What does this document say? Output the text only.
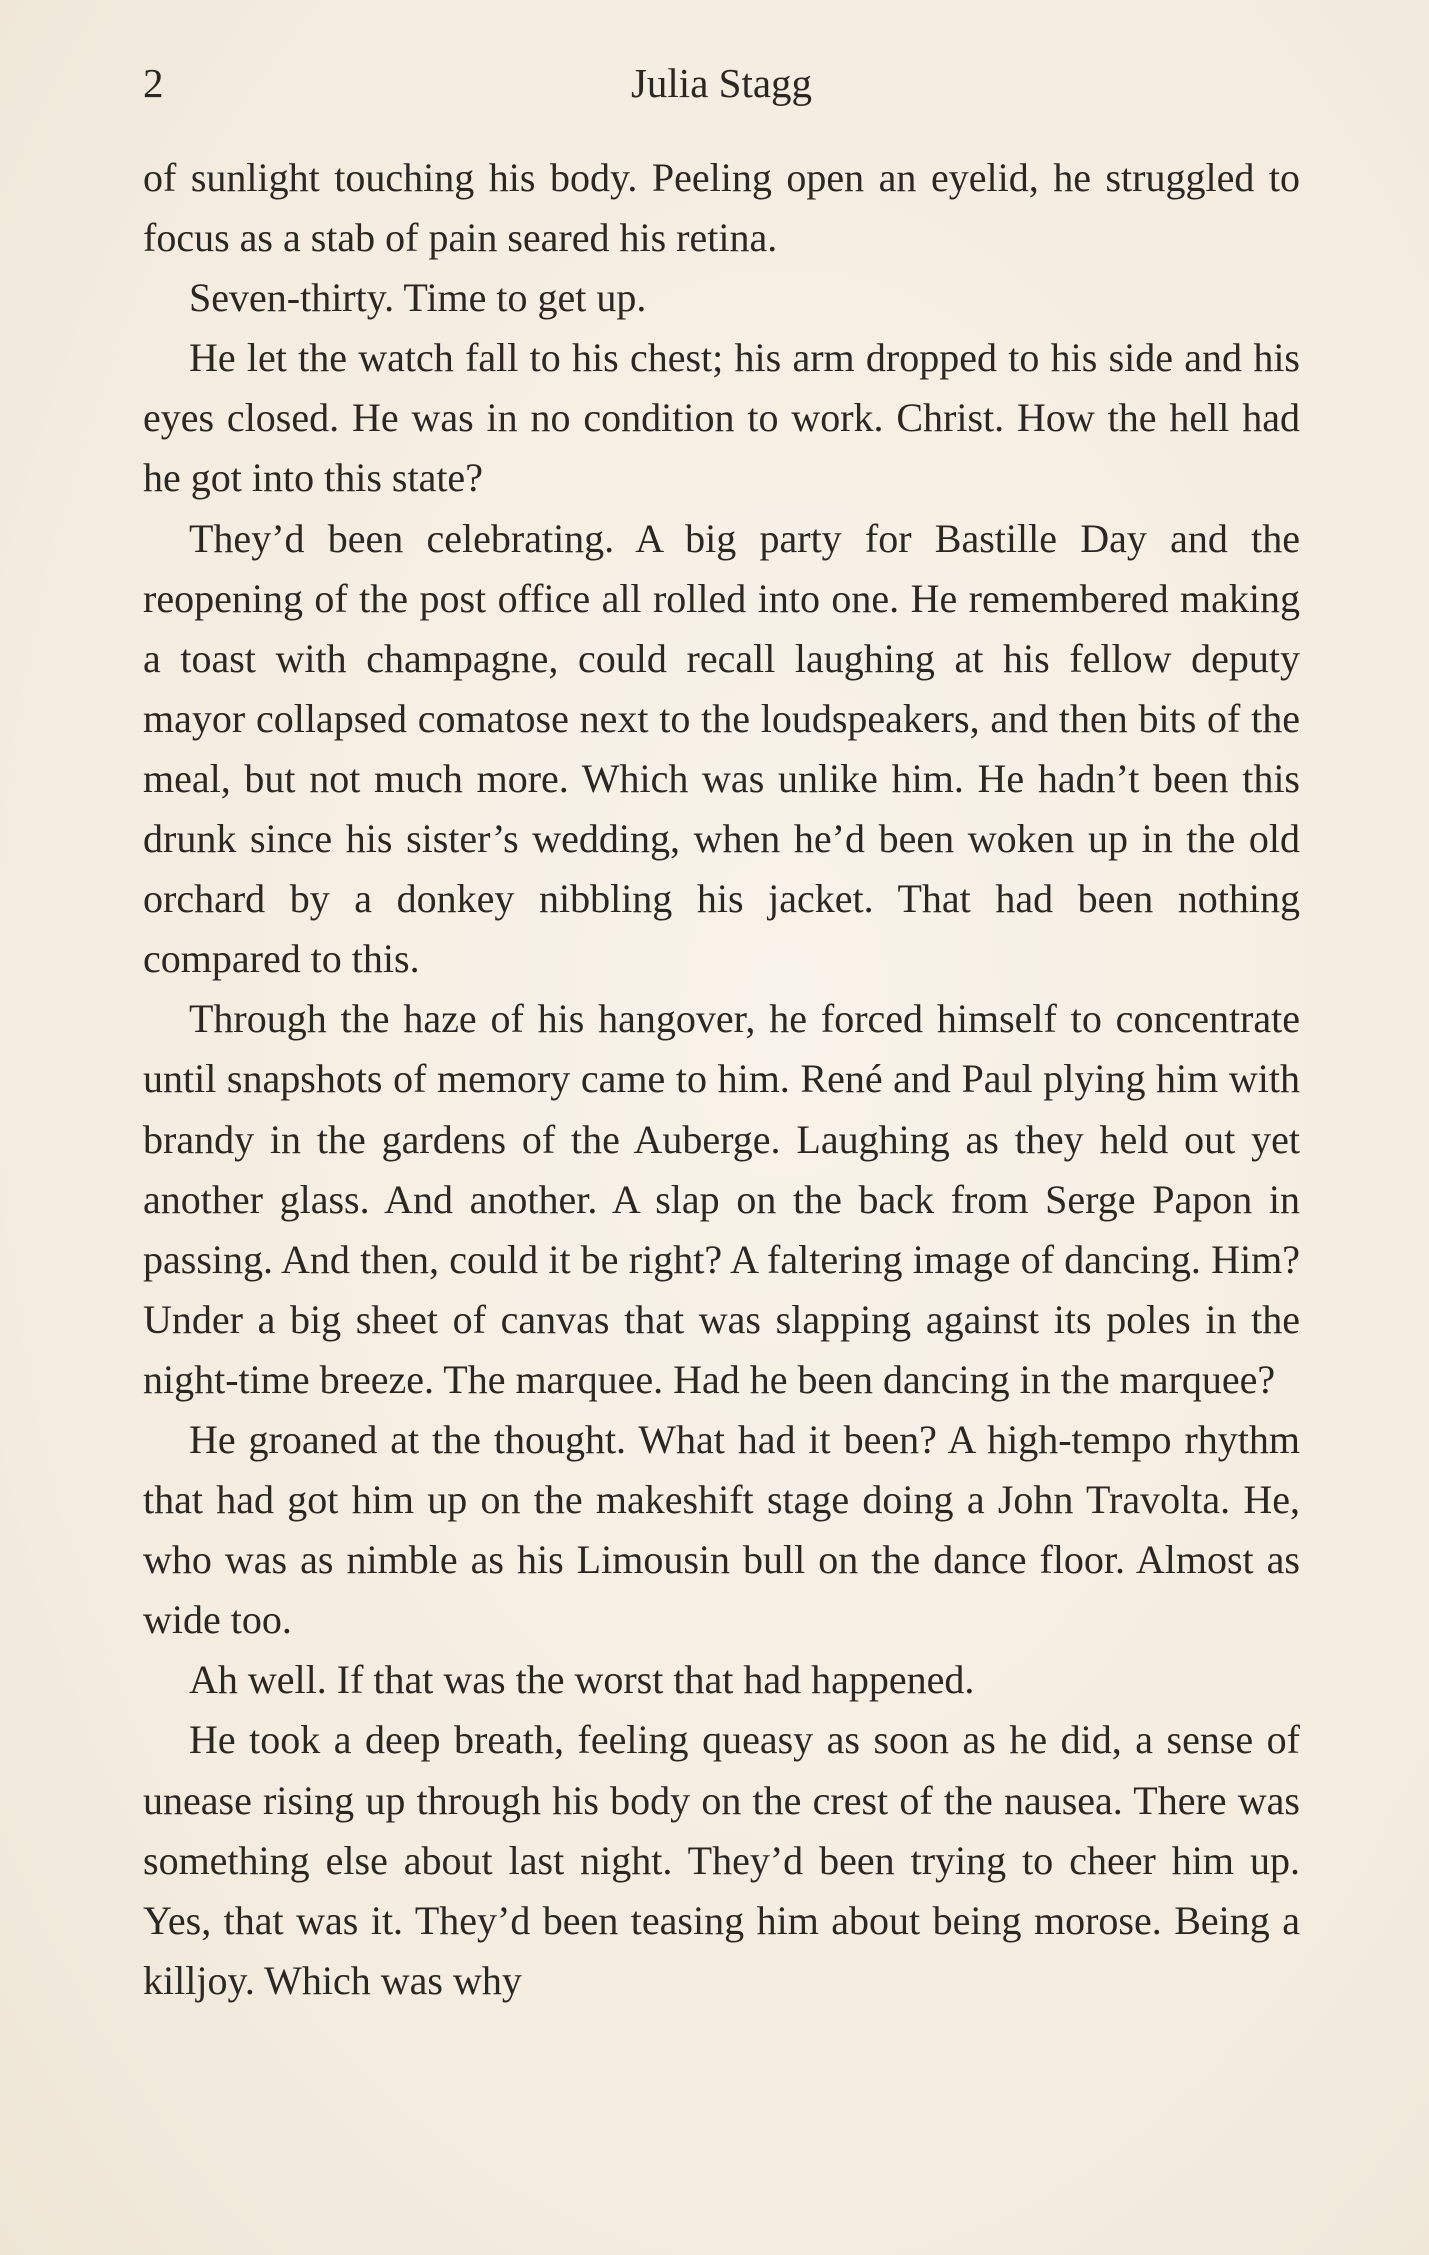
2	Julia Stagg

of sunlight touching his body. Peeling open an eyelid, he struggled to focus as a stab of pain seared his retina.

Seven-thirty. Time to get up.

He let the watch fall to his chest; his arm dropped to his side and his eyes closed. He was in no condition to work. Christ. How the hell had he got into this state?

They’d been celebrating. A big party for Bastille Day and the reopening of the post office all rolled into one. He remembered making a toast with champagne, could recall laughing at his fellow deputy mayor collapsed comatose next to the loudspeakers, and then bits of the meal, but not much more. Which was unlike him. He hadn’t been this drunk since his sister’s wedding, when he’d been woken up in the old orchard by a donkey nibbling his jacket. That had been nothing compared to this.

Through the haze of his hangover, he forced himself to concentrate until snapshots of memory came to him. René and Paul plying him with brandy in the gardens of the Auberge. Laughing as they held out yet another glass. And another. A slap on the back from Serge Papon in passing. And then, could it be right? A faltering image of dancing. Him? Under a big sheet of canvas that was slapping against its poles in the night-time breeze. The marquee. Had he been dancing in the marquee?

He groaned at the thought. What had it been? A high-tempo rhythm that had got him up on the makeshift stage doing a John Travolta. He, who was as nimble as his Limousin bull on the dance floor. Almost as wide too.

Ah well. If that was the worst that had happened.

He took a deep breath, feeling queasy as soon as he did, a sense of unease rising up through his body on the crest of the nausea. There was something else about last night. They’d been trying to cheer him up. Yes, that was it. They’d been teasing him about being morose. Being a killjoy. Which was why
